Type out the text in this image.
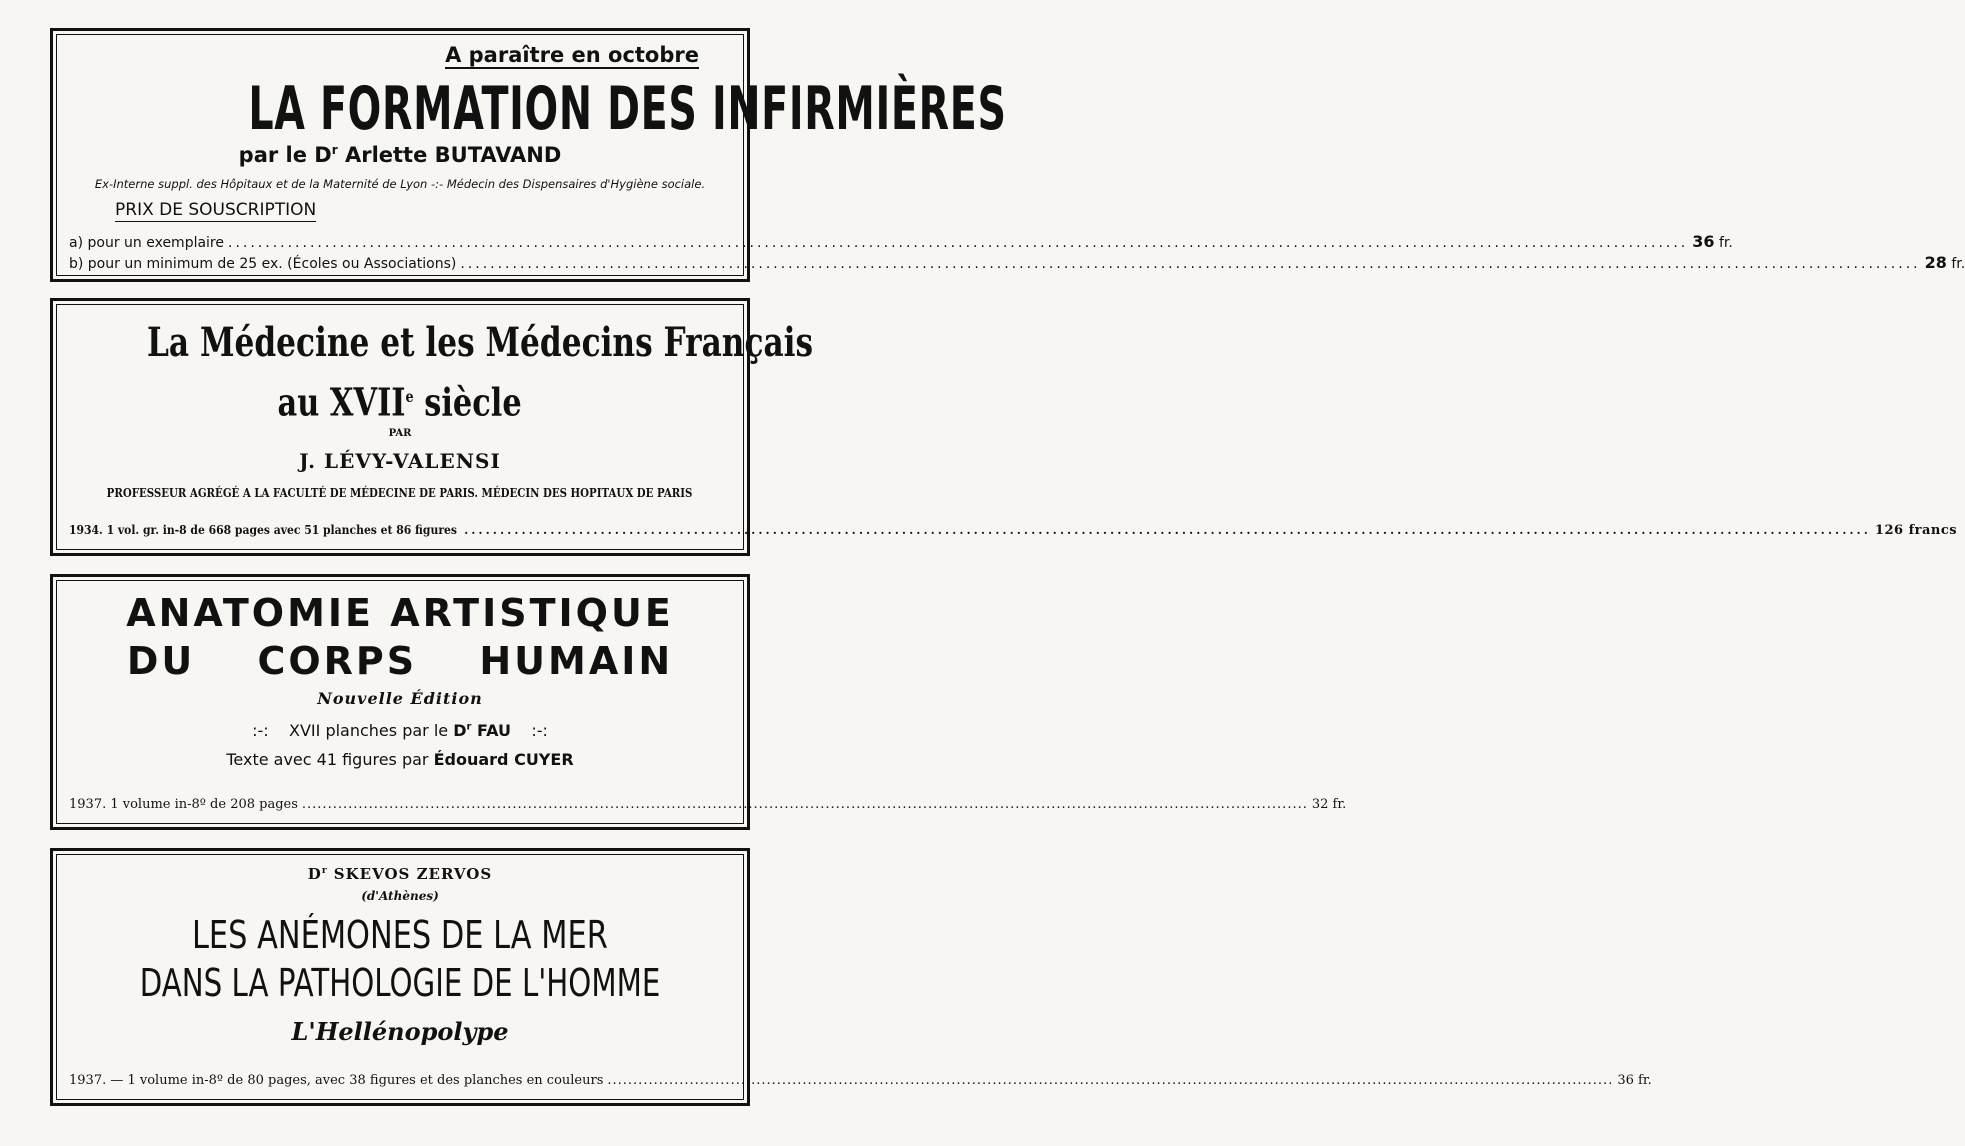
A paraître en octobre
LA FORMATION DES INFIRMIÈRES
par le $D^r$ Arlette BUTAVAND
Ex-Interne suppl. des Hôpitaux et de la Maternité de Lyon -:- Médecin des Dispensaires d'Hygiène sociale.
PRIX DE SOUSCRIPTION
a) pour un exemplaire .....	36
fr.
b) pour un minimum de 25 ex. (Écoles ou Associations) .....	28
fr.
La Médecine et les Médecins Français
au XVIIe siècle
PAR
J. LÉVY-VALENSI
PROFESSEUR AGRÉGÉ A LA FACULTÉ DE MÉDECINE DE PARIS. MÉDECIN DES HOPITAUX DE PARIS
1934. 1 vol. gr. in-8 de 668 pages avec 51 planches et 86 figures .....	126 francs
ANATOMIE ARTISTIQUE
DU CORPS HUMAIN
Nouvelle Édition
:-: XVII planches par le $D^r$ FAU :-:
Texte avec 41 figures par Édouard CUYER
1937. 1 volume in-8º de 208 pages .....	32 fr.
$D^r$ SKEVOS ZERVOS
(d'Athènes)
LES ANÉMONES DE LA MER
DANS LA PATHOLOGIE DE L'HOMME
L'Hellénopolype
1937. — 1 volume in-8º de 80 pages, avec 38 figures et des planches en couleurs .....	36 fr.
